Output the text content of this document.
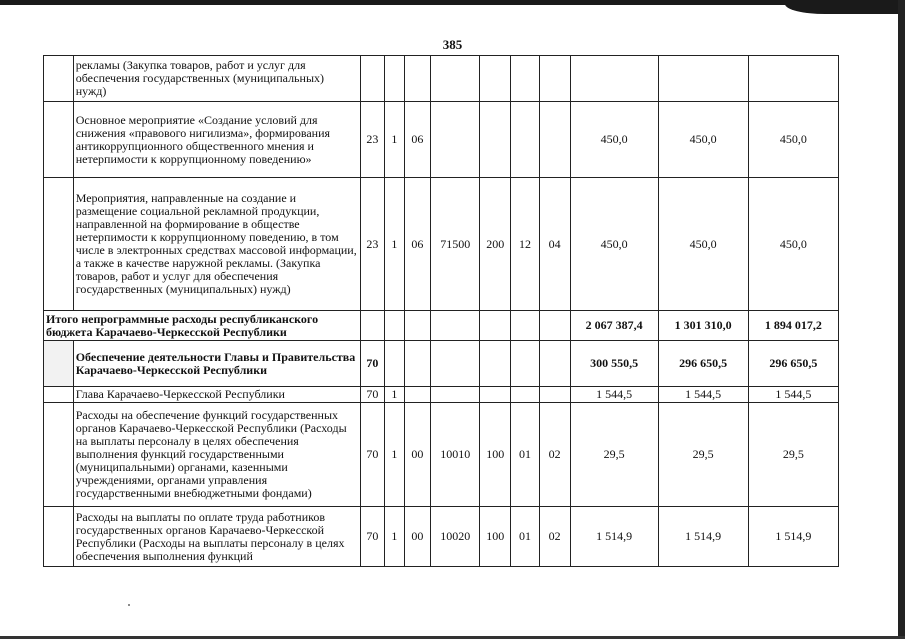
385
	рекламы (Закупка товаров, работ и услуг для обеспечения государственных (муниципальных) нужд)										
	Основное мероприятие «Создание условий для снижения «правового нигилизма», формирования антикоррупционного общественного мнения и нетерпимости к коррупционному поведению»	23	1	06					450,0	450,0	450,0
	Мероприятия, направленные на создание и размещение социальной рекламной продукции, направленной на формирование в обществе нетерпимости к коррупционному поведению, в том числе в электронных средствах массовой информации, а также в качестве наружной рекламы. (Закупка товаров, работ и услуг для обеспечения государственных (муниципальных) нужд)	23	1	06	71500	200	12	04	450,0	450,0	450,0
Итого непрограммные расходы республиканского бюджета Карачаево-Черкесской Республики									2 067 387,4	1 301 310,0	1 894 017,2
	Обеспечение деятельности Главы и Правительства Карачаево-Черкесской Республики	70							300 550,5	296 650,5	296 650,5
	Глава Карачаево-Черкесской Республики	70	1						1 544,5	1 544,5	1 544,5
	Расходы на обеспечение функций государственных органов Карачаево-Черкесской Республики (Расходы на выплаты персоналу в целях обеспечения выполнения функций государственными (муниципальными) органами, казенными учреждениями, органами управления государственными внебюджетными фондами)	70	1	00	10010	100	01	02	29,5	29,5	29,5
	Расходы на выплаты по оплате труда работников государственных органов Карачаево-Черкесской Республики (Расходы на выплаты персоналу в целях обеспечения выполнения функций	70	1	00	10020	100	01	02	1 514,9	1 514,9	1 514,9
